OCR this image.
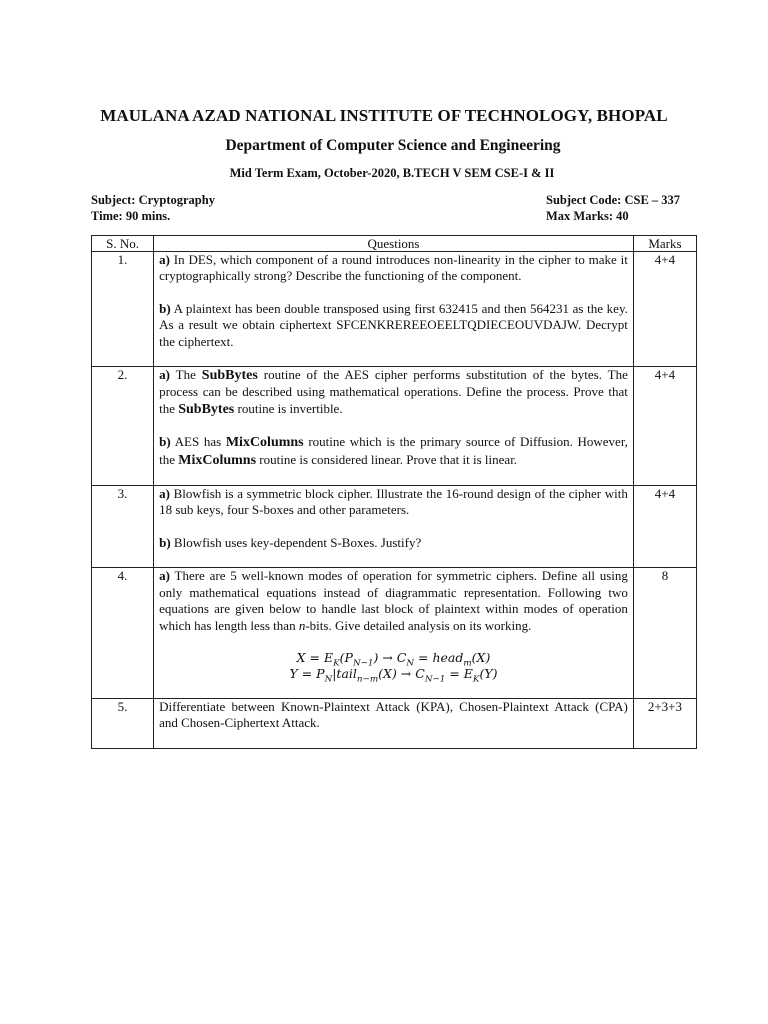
MAULANA AZAD NATIONAL INSTITUTE OF TECHNOLOGY, BHOPAL
Department of Computer Science and Engineering
Mid Term Exam, October-2020, B.TECH V SEM CSE-I & II
Subject: Cryptography
Time: 90 mins.
Subject Code: CSE – 337
Max Marks: 40
S. No.	Questions	Marks
1.	a) In DES, which component of a round introduces non-linearity in the cipher to make it cryptographically strong? Describe the functioning of the component.

b) A plaintext has been double transposed using first 632415 and then 564231 as the key. As a result we obtain ciphertext SFCENKREREEOEELTQDIECEOUVDAJW. Decrypt the ciphertext.	4+4
2.	a) The SubBytes routine of the AES cipher performs substitution of the bytes. The process can be described using mathematical operations. Define the process. Prove that the SubBytes routine is invertible.

b) AES has MixColumns routine which is the primary source of Diffusion. However, the MixColumns routine is considered linear. Prove that it is linear.	4+4
3.	a) Blowfish is a symmetric block cipher. Illustrate the 16-round design of the cipher with 18 sub keys, four S-boxes and other parameters.

b) Blowfish uses key-dependent S-Boxes. Justify?	4+4
4.	a) There are 5 well-known modes of operation for symmetric ciphers. Define all using only mathematical equations instead of diagrammatic representation. Following two equations are given below to handle last block of plaintext within modes of operation which has length less than n-bits. Give detailed analysis on its working.

$X = E_K(P_{N-1}) \to C_N$ = head$_m$(X)
$Y = P_N|tail_{n-m}(X) \to C_{N-1} = E_K(Y)$	8
5.	Differentiate between Known-Plaintext Attack (KPA), Chosen-Plaintext Attack (CPA) and Chosen-Ciphertext Attack.	2+3+3
